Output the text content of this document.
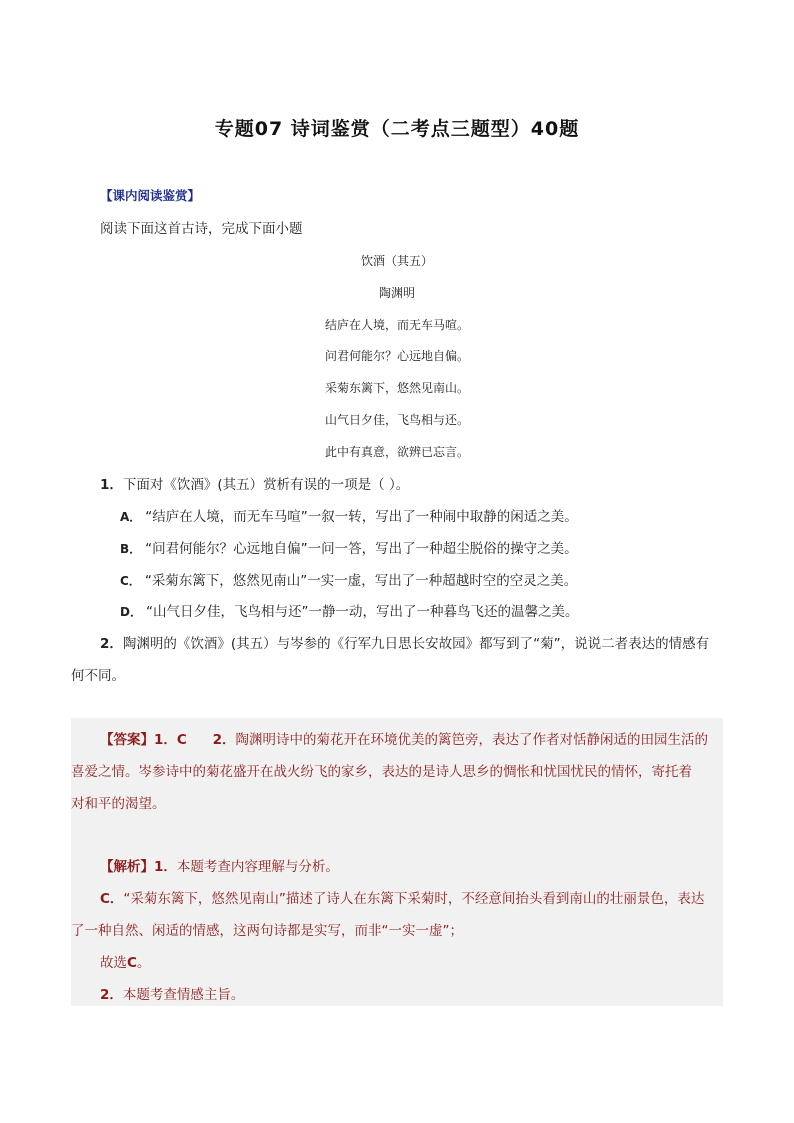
专题07 诗词鉴赏（二考点三题型）40题
【课内阅读鉴赏】
阅读下面这首古诗，完成下面小题
饮酒（其五）
陶渊明
结庐在人境，而无车马喧。
问君何能尔？心远地自偏。
采菊东篱下，悠然见南山。
山气日夕佳，飞鸟相与还。
此中有真意，欲辨已忘言。
1．下面对《饮酒》(其五）赏析有误的一项是（ ）。
A． “结庐在人境，而无车马喧”一叙一转，写出了一种闹中取静的闲适之美。
B． “问君何能尔？心远地自偏”一问一答，写出了一种超尘脱俗的操守之美。
C． “采菊东篱下，悠然见南山”一实一虚，写出了一种超越时空的空灵之美。
D． “山气日夕佳，飞鸟相与还”一静一动，写出了一种暮鸟飞还的温馨之美。
2．陶渊明的《饮酒》(其五）与岑参的《行军九日思长安故园》都写到了“菊”，说说二者表达的情感有
何不同。
【答案】1．C 2．陶渊明诗中的菊花开在环境优美的篱笆旁，表达了作者对恬静闲适的田园生活的
喜爱之情。岑参诗中的菊花盛开在战火纷飞的家乡，表达的是诗人思乡的惆怅和忧国忧民的情怀，寄托着
对和平的渴望。
【解析】1．本题考查内容理解与分析。
C．“采菊东篱下，悠然见南山”描述了诗人在东篱下采菊时，不经意间抬头看到南山的壮丽景色，表达
了一种自然、闲适的情感，这两句诗都是实写，而非“一实一虚”；
故选C。
2．本题考查情感主旨。
